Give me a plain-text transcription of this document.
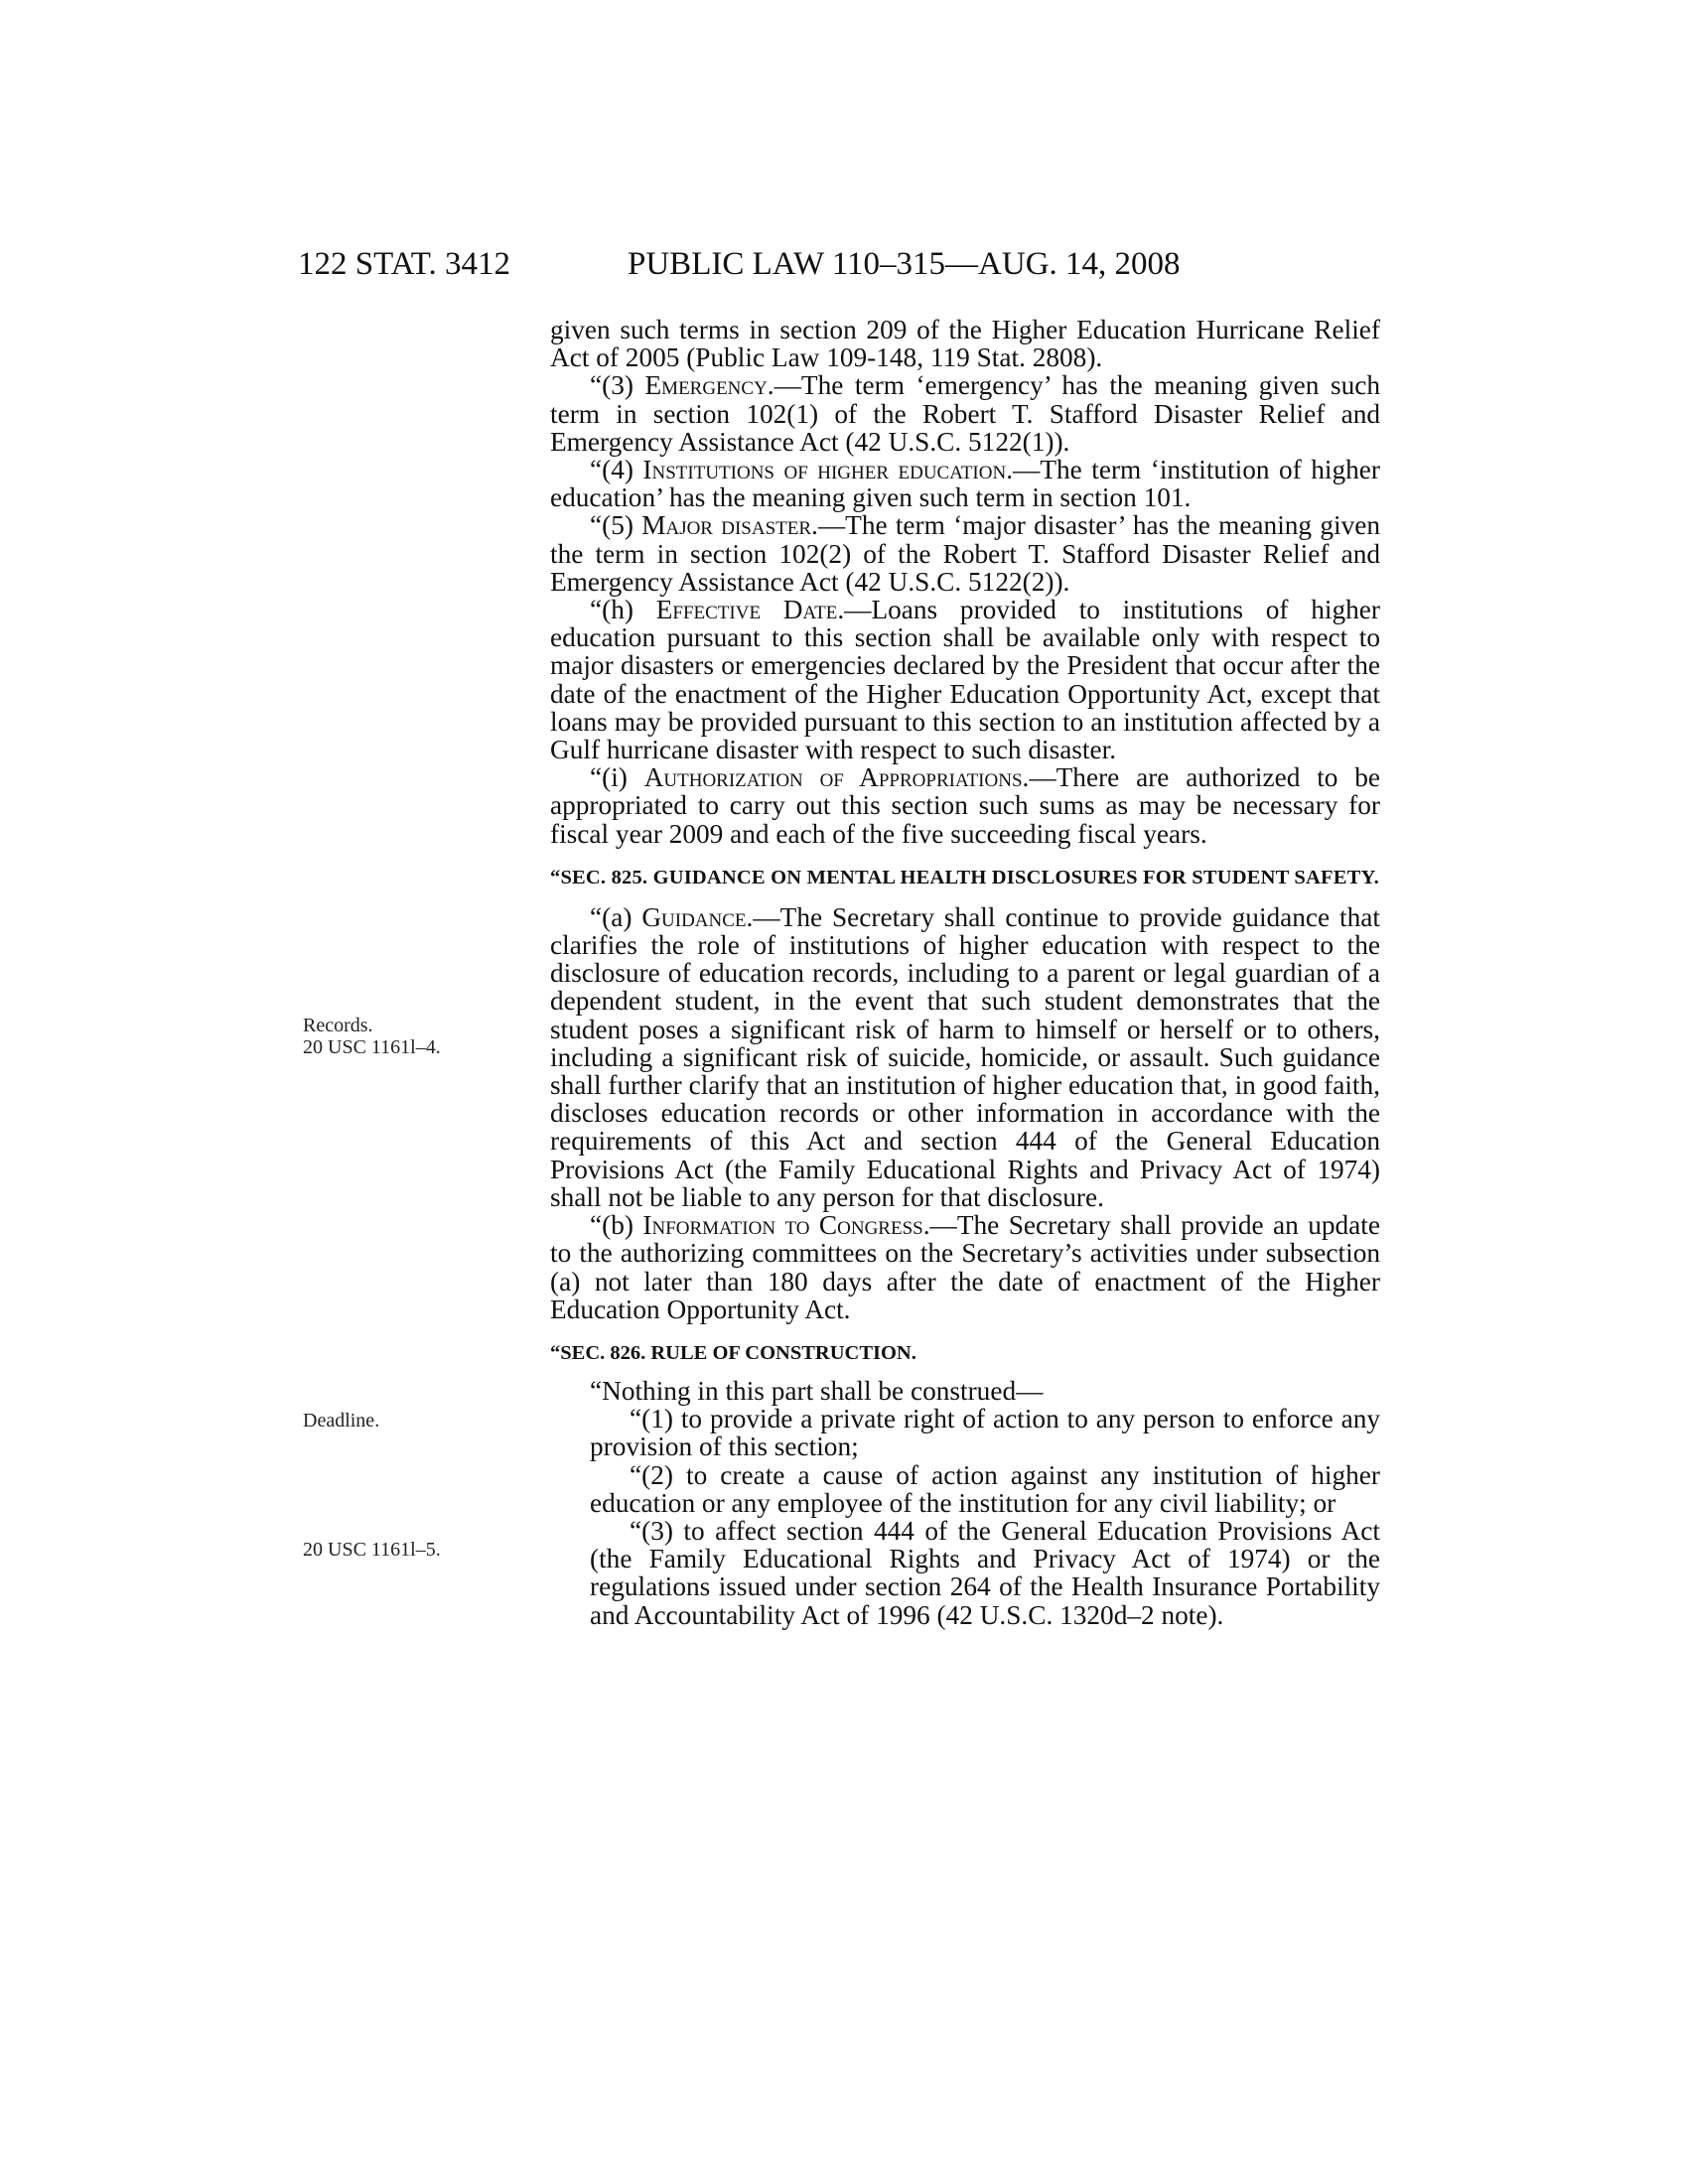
122 STAT. 3412	PUBLIC LAW 110–315—AUG. 14, 2008
Records.
20 USC 1161l–4.
Deadline.
20 USC 1161l–5.

given such terms in section 209 of the Higher Education Hurricane Relief Act of 2005 (Public Law 109-148, 119 Stat. 2808).

“(3) Emergency.—The term ‘emergency’ has the meaning given such term in section 102(1) of the Robert T. Stafford Disaster Relief and Emergency Assistance Act (42 U.S.C. 5122(1)).

“(4) Institutions of higher education.—The term ‘institution of higher education’ has the meaning given such term in section 101.

“(5) Major disaster.—The term ‘major disaster’ has the meaning given the term in section 102(2) of the Robert T. Stafford Disaster Relief and Emergency Assistance Act (42 U.S.C. 5122(2)).

“(h) Effective Date.—Loans provided to institutions of higher education pursuant to this section shall be available only with respect to major disasters or emergencies declared by the President that occur after the date of the enactment of the Higher Education Opportunity Act, except that loans may be provided pursuant to this section to an institution affected by a Gulf hurricane disaster with respect to such disaster.

“(i) Authorization of Appropriations.—There are authorized to be appropriated to carry out this section such sums as may be necessary for fiscal year 2009 and each of the five succeeding fiscal years.

“SEC. 825. GUIDANCE ON MENTAL HEALTH DISCLOSURES FOR STUDENT SAFETY.

“(a) Guidance.—The Secretary shall continue to provide guidance that clarifies the role of institutions of higher education with respect to the disclosure of education records, including to a parent or legal guardian of a dependent student, in the event that such student demonstrates that the student poses a significant risk of harm to himself or herself or to others, including a significant risk of suicide, homicide, or assault. Such guidance shall further clarify that an institution of higher education that, in good faith, discloses education records or other information in accordance with the requirements of this Act and section 444 of the General Education Provisions Act (the Family Educational Rights and Privacy Act of 1974) shall not be liable to any person for that disclosure.

“(b) Information to Congress.—The Secretary shall provide an update to the authorizing committees on the Secretary’s activities under subsection (a) not later than 180 days after the date of enactment of the Higher Education Opportunity Act.

“SEC. 826. RULE OF CONSTRUCTION.

“Nothing in this part shall be construed—

“(1) to provide a private right of action to any person to enforce any provision of this section;

“(2) to create a cause of action against any institution of higher education or any employee of the institution for any civil liability; or

“(3) to affect section 444 of the General Education Provisions Act (the Family Educational Rights and Privacy Act of 1974) or the regulations issued under section 264 of the Health Insurance Portability and Accountability Act of 1996 (42 U.S.C. 1320d–2 note).
